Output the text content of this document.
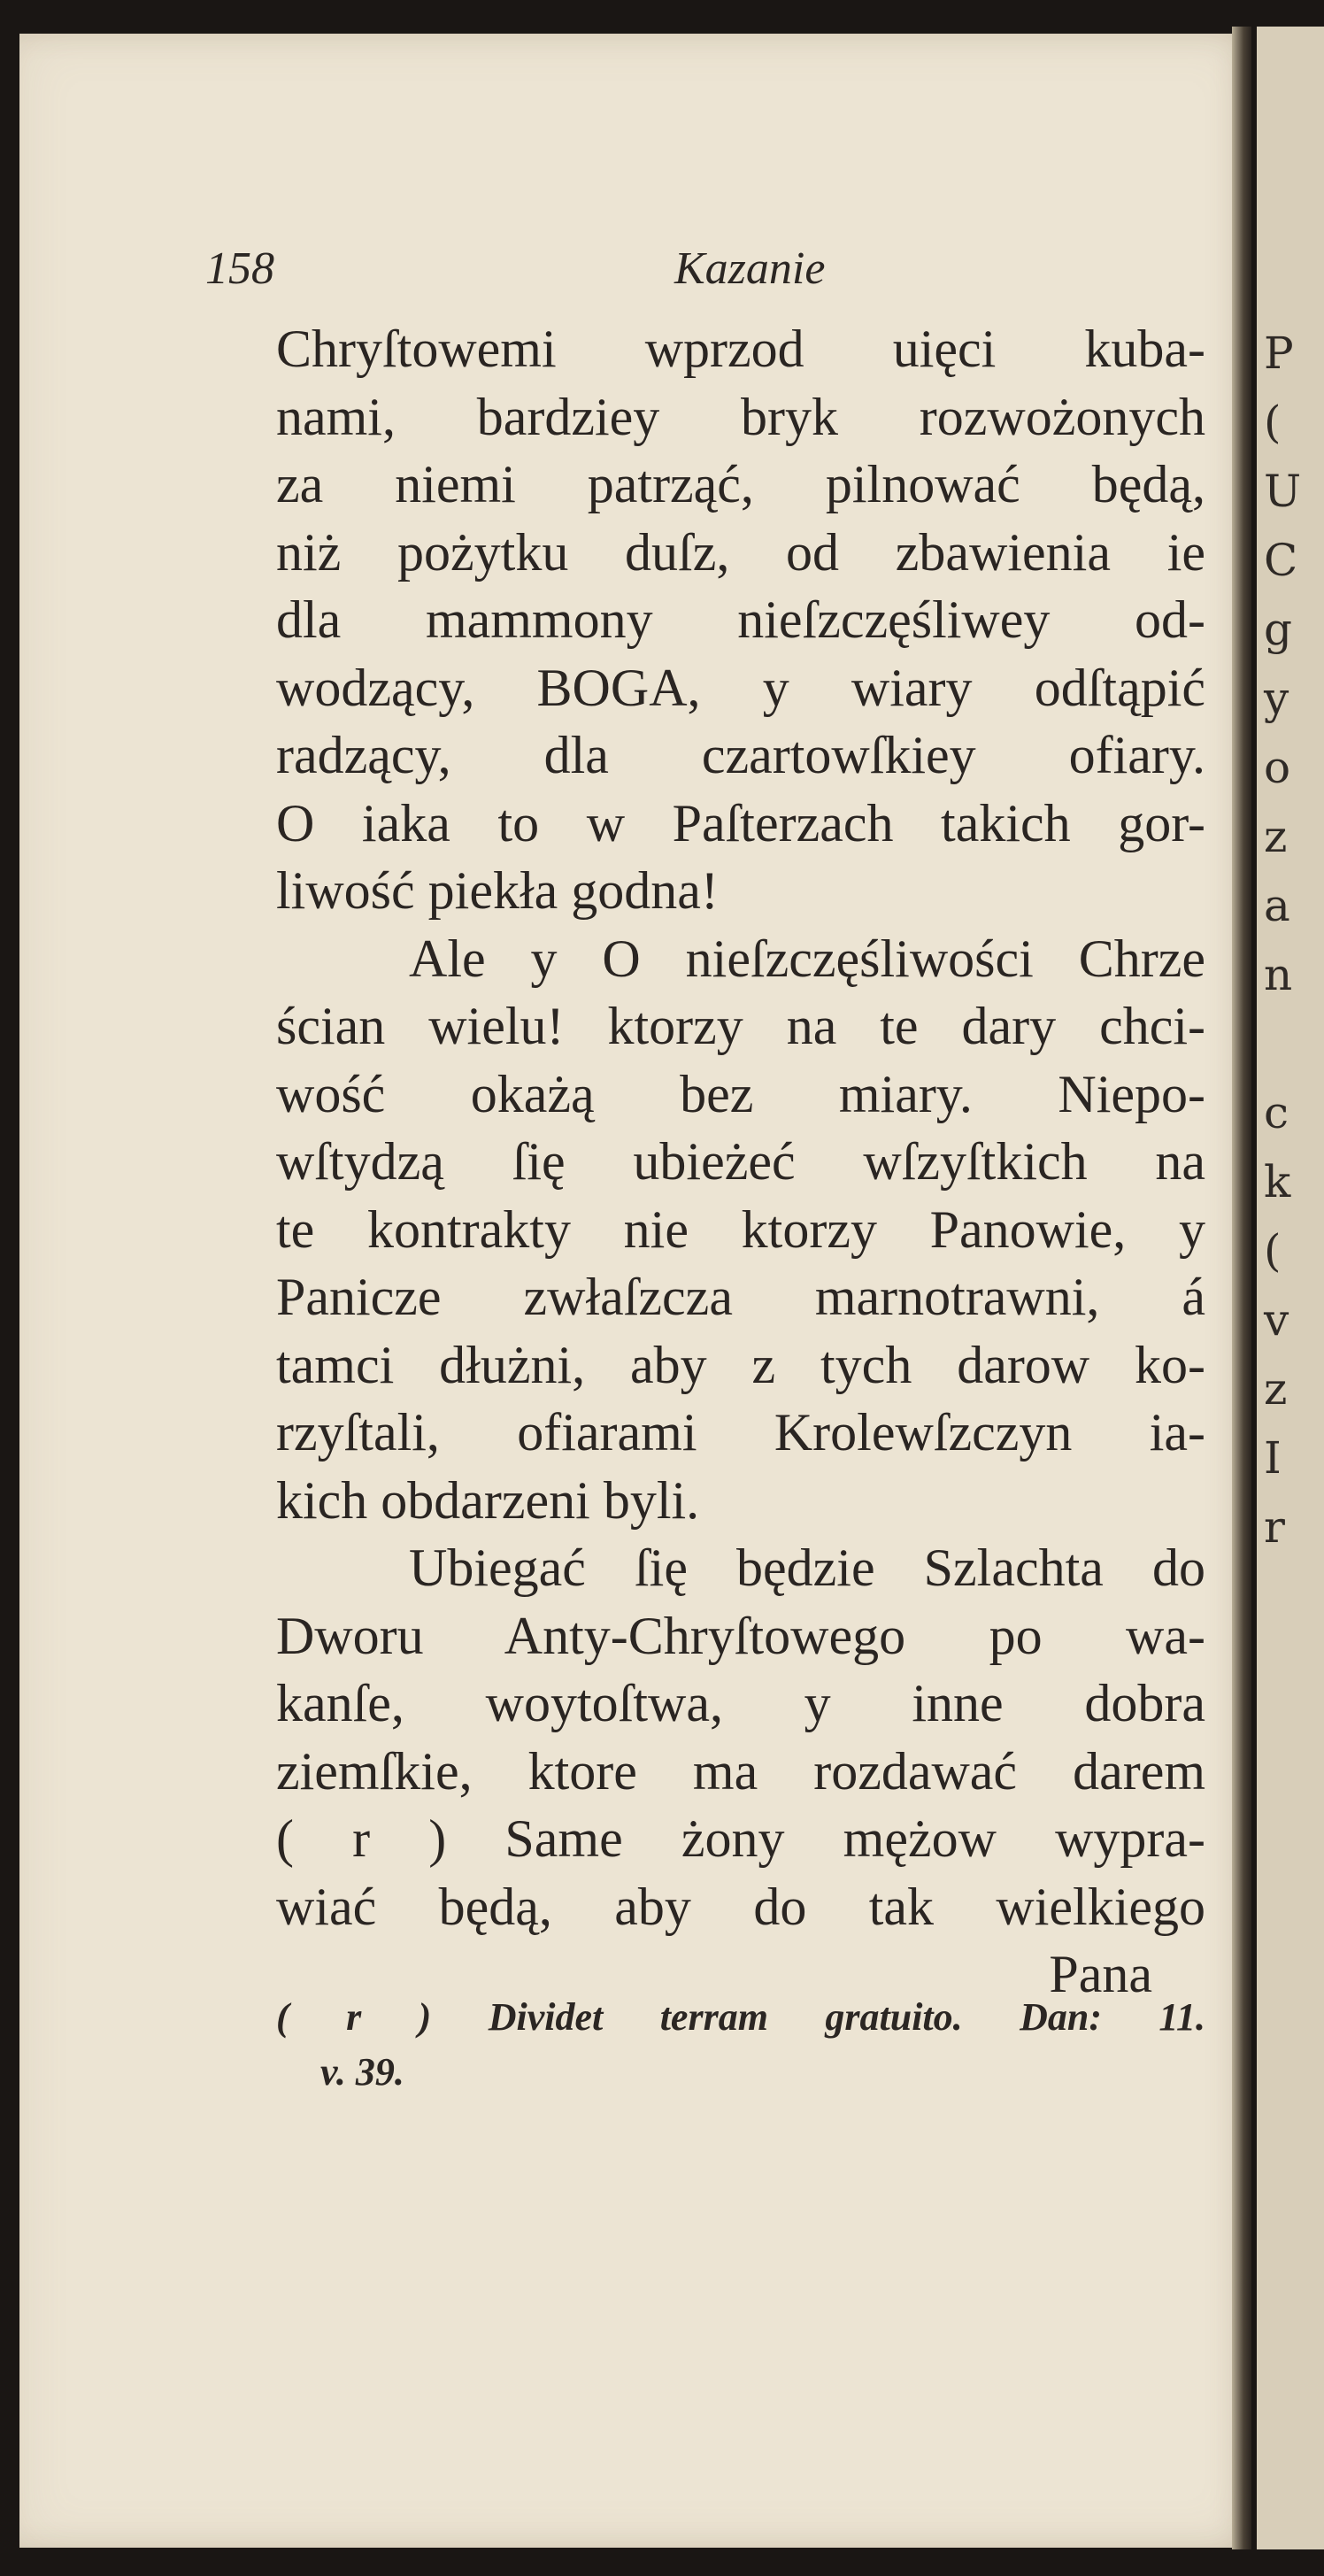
158	Kazanie
Chryſtowemi wprzod uięci kuba-
nami, bardziey bryk rozwożonych
za niemi patrząć, pilnować będą,
niż pożytku duſz, od zbawienia ie
dla mammony nieſzczęśliwey od-
wodzący, BOGA, y wiary odſtąpić
radzący, dla czartowſkiey ofiary.
O iaka to w Paſterzach takich gor-
liwość piekła godna!
Ale y O nieſzczęśliwości Chrze
ścian wielu! ktorzy na te dary chci-
wość okażą bez miary. Niepo-
wſtydzą ſię ubieżeć wſzyſtkich na
te kontrakty nie ktorzy Panowie, y
Panicze zwłaſzcza marnotrawni, á
tamci dłużni, aby z tych darow ko-
rzyſtali, ofiarami Krolewſzczyn ia-
kich obdarzeni byli.
Ubiegać ſię będzie Szlachta do
Dworu Anty-Chryſtowego po wa-
kanſe, woytoſtwa, y inne dobra
ziemſkie, ktore ma rozdawać darem
( r ) Same żony mężow wypra-
wiać będą, aby do tak wielkiego
Pana
( r ) Dividet terram gratuito. Dan: 11.
v. 39.
P
(
U
C
g
y
o
z
a
n
c
k
(
v
z
I
r
